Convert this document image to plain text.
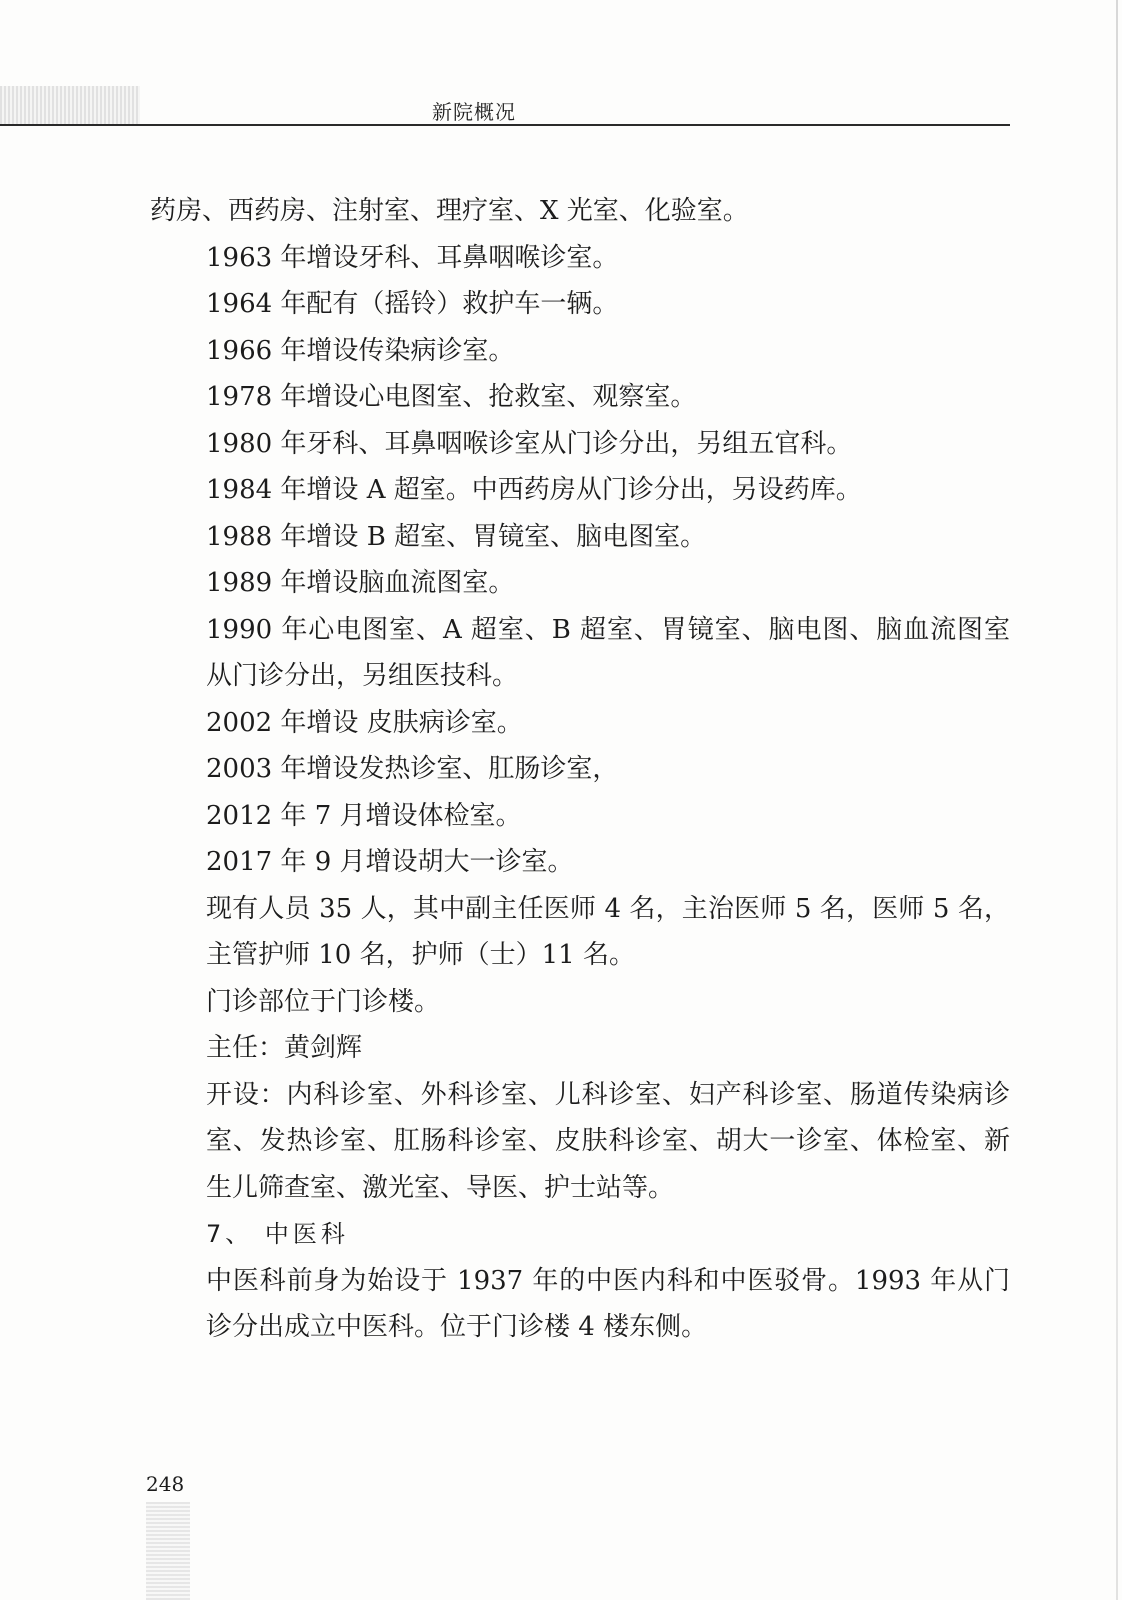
新院概况

药房、西药房、注射室、理疗室、X 光室、化验室。

1963 年增设牙科、耳鼻咽喉诊室。

1964 年配有（摇铃）救护车一辆。

1966 年增设传染病诊室。

1978 年增设心电图室、抢救室、观察室。

1980 年牙科、耳鼻咽喉诊室从门诊分出，另组五官科。

1984 年增设 A 超室。中西药房从门诊分出，另设药库。

1988 年增设 B 超室、胃镜室、脑电图室。

1989 年增设脑血流图室。

1990 年心电图室、A 超室、B 超室、胃镜室、脑电图、脑血流图室从门诊分出，另组医技科。

2002 年增设 皮肤病诊室。

2003 年增设发热诊室、肛肠诊室，

2012 年 7 月增设体检室。

2017 年 9 月增设胡大一诊室。

现有人员 35 人，其中副主任医师 4 名，主治医师 5 名，医师 5 名，主管护师 10 名，护师（士）11 名。

门诊部位于门诊楼。

主任：黄剑辉

开设：内科诊室、外科诊室、儿科诊室、妇产科诊室、肠道传染病诊室、发热诊室、肛肠科诊室、皮肤科诊室、胡大一诊室、体检室、新生儿筛查室、激光室、导医、护士站等。

7、 中医科

中医科前身为始设于 1937 年的中医内科和中医驳骨。1993 年从门诊分出成立中医科。位于门诊楼 4 楼东侧。

248
